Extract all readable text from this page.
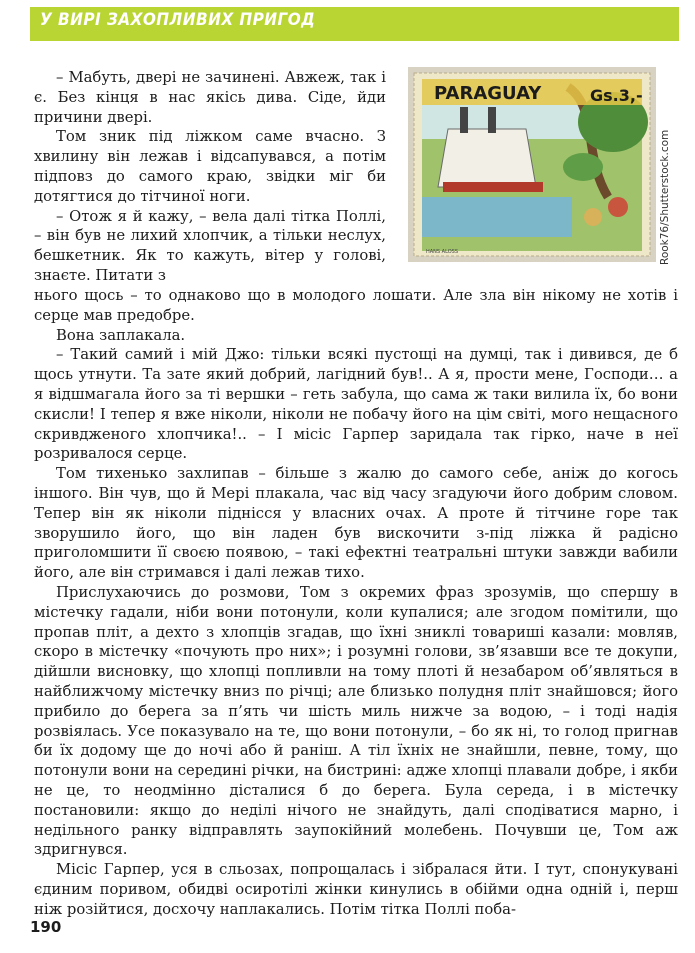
У ВИРІ ЗАХОПЛИВИХ ПРИГОД

– Мабуть, двері не зачинені. Авжеж, так і є. Без кінця в нас якісь дива. Сіде, йди причини двері.

Том зник під ліжком саме вчасно. З хвилину він лежав і відсапувався, а потім підповз до самого краю, звідки міг би дотягтися до тітчиної ноги.

– Отож я й кажу, – вела далі тітка Поллі, – він був не лихий хлопчик, а тільки неслух, бешкетник. Як то кажуть, вітер у голові, знаєте. Питати з

PARAGUAY	Gs.3,-
HANS ALOSS	Rook76/Shutterstock.com

нього щось – то однаково що в молодого лошати. Але зла він нікому не хотів і серце мав предобре.

Вона заплакала.

– Такий самий і мій Джо: тільки всякі пустощі на думці, так і дивився, де б щось утнути. Та зате який добрий, лагідний був!.. А я, прости мене, Господи… а я відшмагала його за ті вершки – геть забула, що сама ж таки вилила їх, бо вони скисли! І тепер я вже ніколи, ніколи не побачу його на цім світі, мого нещасного скривдженого хлопчика!.. – І місіс Гарпер заридала так гірко, наче в неї розривалося серце.

Том тихенько захлипав – більше з жалю до самого себе, аніж до когось іншого. Він чув, що й Мері плакала, час від часу згадуючи його добрим словом. Тепер він як ніколи піднісся у власних очах. А проте й тітчине горе так зворушило його, що він ладен був вискочити з-під ліжка й радісно приголомшити її своєю появою, – такі ефектні театральні штуки завжди вабили його, але він стримався і далі лежав тихо.

Прислухаючись до розмови, Том з окремих фраз зрозумів, що спершу в містечку гадали, ніби вони потонули, коли купалися; але згодом помітили, що пропав пліт, а дехто з хлопців згадав, що їхні зниклі товариші казали: мовляв, скоро в містечку «почують про них»; і розумні голови, зв’язавши все те докупи, дійшли висновку, що хлопці попливли на тому плоті й незабаром об’являться в найближчому містечку вниз по річці; але близько полудня пліт знайшовся; його прибило до берега за п’ять чи шість миль нижче за водою, – і тоді надія розвіялась. Усе показувало на те, що вони потонули, – бо як ні, то голод пригнав би їх додому ще до ночі або й раніш. А тіл їхніх не знайшли, певне, тому, що потонули вони на середині річки, на бистрині: адже хлопці плавали добре, і якби не це, то неодмінно дісталися б до берега. Була середа, і в містечку постановили: якщо до неділі нічого не знайдуть, далі сподіватися марно, і недільного ранку відправлять заупокійний молебень. Почувши це, Том аж здригнувся.

Місіс Гарпер, уся в сльозах, попрощалась і зібралася йти. І тут, спонукувані єдиним поривом, обидві осиротілі жінки кинулись в обійми одна одній і, перш ніж розійтися, досхочу наплакались. Потім тітка Поллі поба-

190
